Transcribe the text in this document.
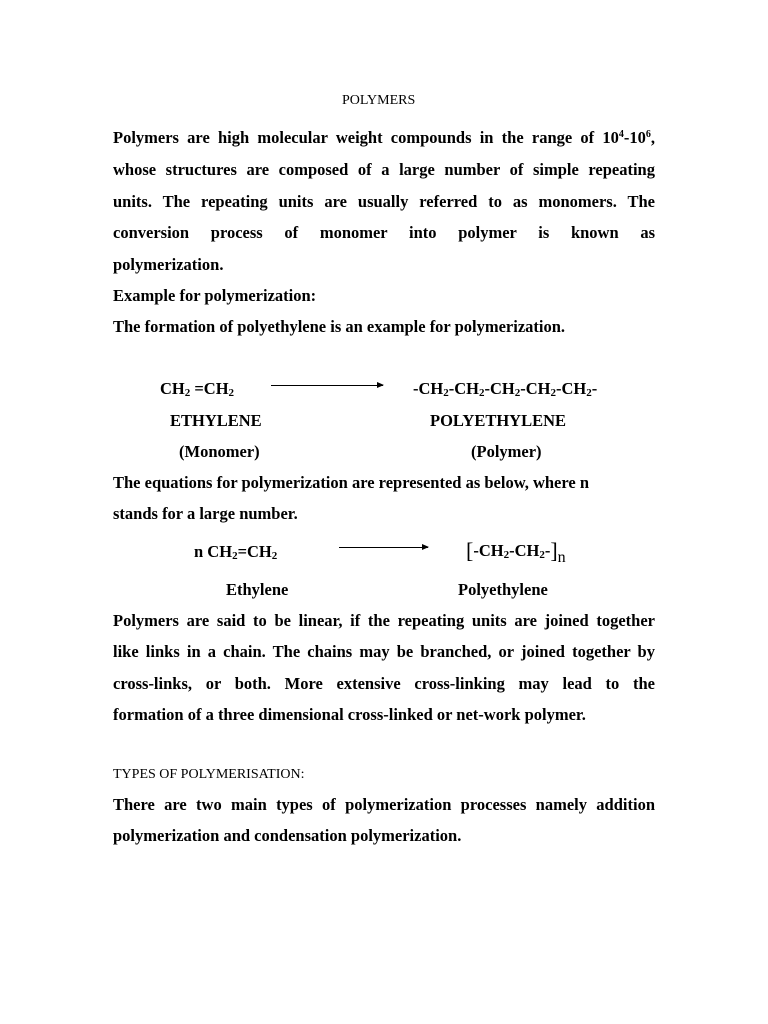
POLYMERS
Polymers are high molecular weight compounds in the range of $10^4-10^6$,
whose structures are composed of a large number of simple repeating
units. The repeating units are usually referred to as monomers. The
conversion process of monomer into polymer is known as
polymerization.
Example for polymerization:
The formation of polyethylene is an example for polymerization.
$CH_2 =CH_2$	$-CH_2-CH_2-CH_2-CH_2-CH_2-$
ETHYLENE	POLYETHYLENE
(Monomer)	(Polymer)
The equations for polymerization are represented as below, where n
stands for a large number.
n $CH_2=CH_2$	$[-CH_2-CH_2-]n$
Ethylene	Polyethylene
Polymers are said to be linear, if the repeating units are joined together
like links in a chain. The chains may be branched, or joined together by
cross-links, or both. More extensive cross-linking may lead to the
formation of a three dimensional cross-linked or net-work polymer.
TYPES OF POLYMERISATION:
There are two main types of polymerization processes namely addition
polymerization and condensation polymerization.
